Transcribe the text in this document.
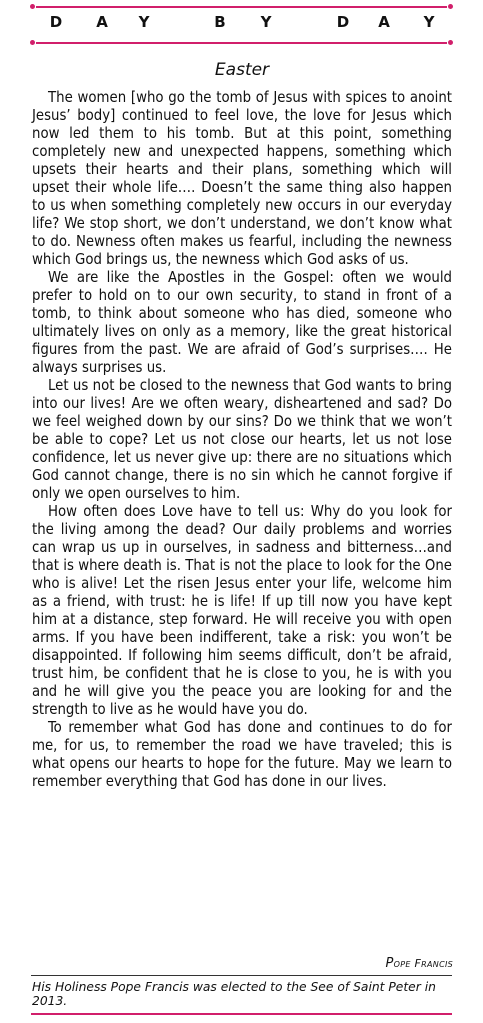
D A	Y	B	Y	D A	Y
Easter

The women [who go the tomb of Jesus with spices to anoint Jesus’ body] continued to feel love, the love for Jesus which now led them to his tomb. But at this point, something completely new and unexpected happens, something which upsets their hearts and their plans, something which will upset their whole life…. Doesn’t the same thing also happen to us when something completely new occurs in our everyday life? We stop short, we don’t understand, we don’t know what to do. Newness often makes us fearful, including the newness which God brings us, the newness which God asks of us.

We are like the Apostles in the Gospel: often we would prefer to hold on to our own security, to stand in front of a tomb, to think about someone who has died, someone who ultimately lives on only as a memory, like the great historical figures from the past. We are afraid of God’s surprises…. He always surprises us.

Let us not be closed to the newness that God wants to bring into our lives! Are we often weary, disheartened and sad? Do we feel weighed down by our sins? Do we think that we won’t be able to cope? Let us not close our hearts, let us not lose confidence, let us never give up: there are no situations which God cannot change, there is no sin which he cannot forgive if only we open ourselves to him.

How often does Love have to tell us: Why do you look for the living among the dead? Our daily problems and worries can wrap us up in ourselves, in sadness and bitterness…and that is where death is. That is not the place to look for the One who is alive! Let the risen Jesus enter your life, welcome him as a friend, with trust: he is life! If up till now you have kept him at a distance, step forward. He will receive you with open arms. If you have been indifferent, take a risk: you won’t be disappointed. If following him seems difficult, don’t be afraid, trust him, be confident that he is close to you, he is with you and he will give you the peace you are looking for and the strength to live as he would have you do.

To remember what God has done and continues to do for me, for us, to remember the road we have traveled; this is what opens our hearts to hope for the future. May we learn to remember everything that God has done in our lives.

Pope Francis
His Holiness Pope Francis was elected to the See of Saint Peter in 2013.
